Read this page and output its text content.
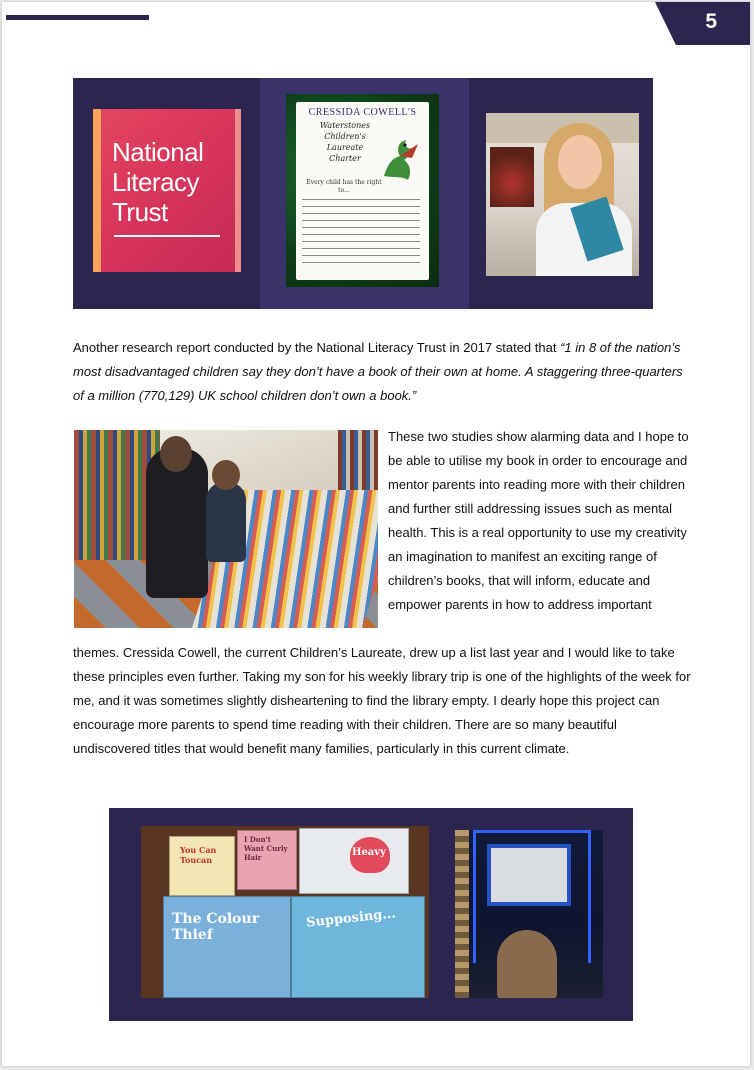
5
National
Literacy
Trust
CRESSIDA COWELL'S
Waterstones Children's Laureate Charter
Every child has the right to...
Another research report conducted by the National Literacy Trust in 2017 stated that “1 in 8 of the nation’s most disadvantaged children say they don’t have a book of their own at home. A staggering three-quarters of a million (770,129) UK school children don’t own a book.”
These two studies show alarming data and I hope to be able to utilise my book in order to encourage and mentor parents into reading more with their children and further still addressing issues such as mental health. This is a real opportunity to use my creativity an imagination to manifest an exciting range of children’s books, that will inform, educate and empower parents in how to address important
themes. Cressida Cowell, the current Children’s Laureate, drew up a list last year and I would like to take these principles even further. Taking my son for his weekly library trip is one of the highlights of the week for me, and it was sometimes slightly disheartening to find the library empty. I dearly hope this project can encourage more parents to spend time reading with their children. There are so many beautiful undiscovered titles that would benefit many families, particularly in this current climate.
You Can Toucan
I Don't Want Curly Hair	Heavy
The Colour Thief
Supposing...
